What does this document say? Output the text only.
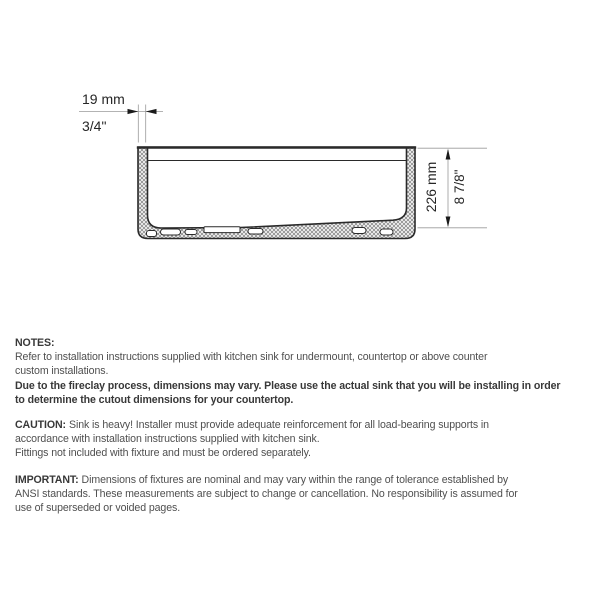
19 mm
3/4"
226 mm 8 7/8"
NOTES:
Refer to installation instructions supplied with kitchen sink for undermount, countertop or above counter
custom installations.
Due to the fireclay process, dimensions may vary. Please use the actual sink that you will be installing in order
to determine the cutout dimensions for your countertop.
CAUTION: Sink is heavy! Installer must provide adequate reinforcement for all load-bearing supports in
accordance with installation instructions supplied with kitchen sink.
Fittings not included with fixture and must be ordered separately.
IMPORTANT: Dimensions of fixtures are nominal and may vary within the range of tolerance established by
ANSI standards. These measurements are subject to change or cancellation. No responsibility is assumed for
use of superseded or voided pages.
